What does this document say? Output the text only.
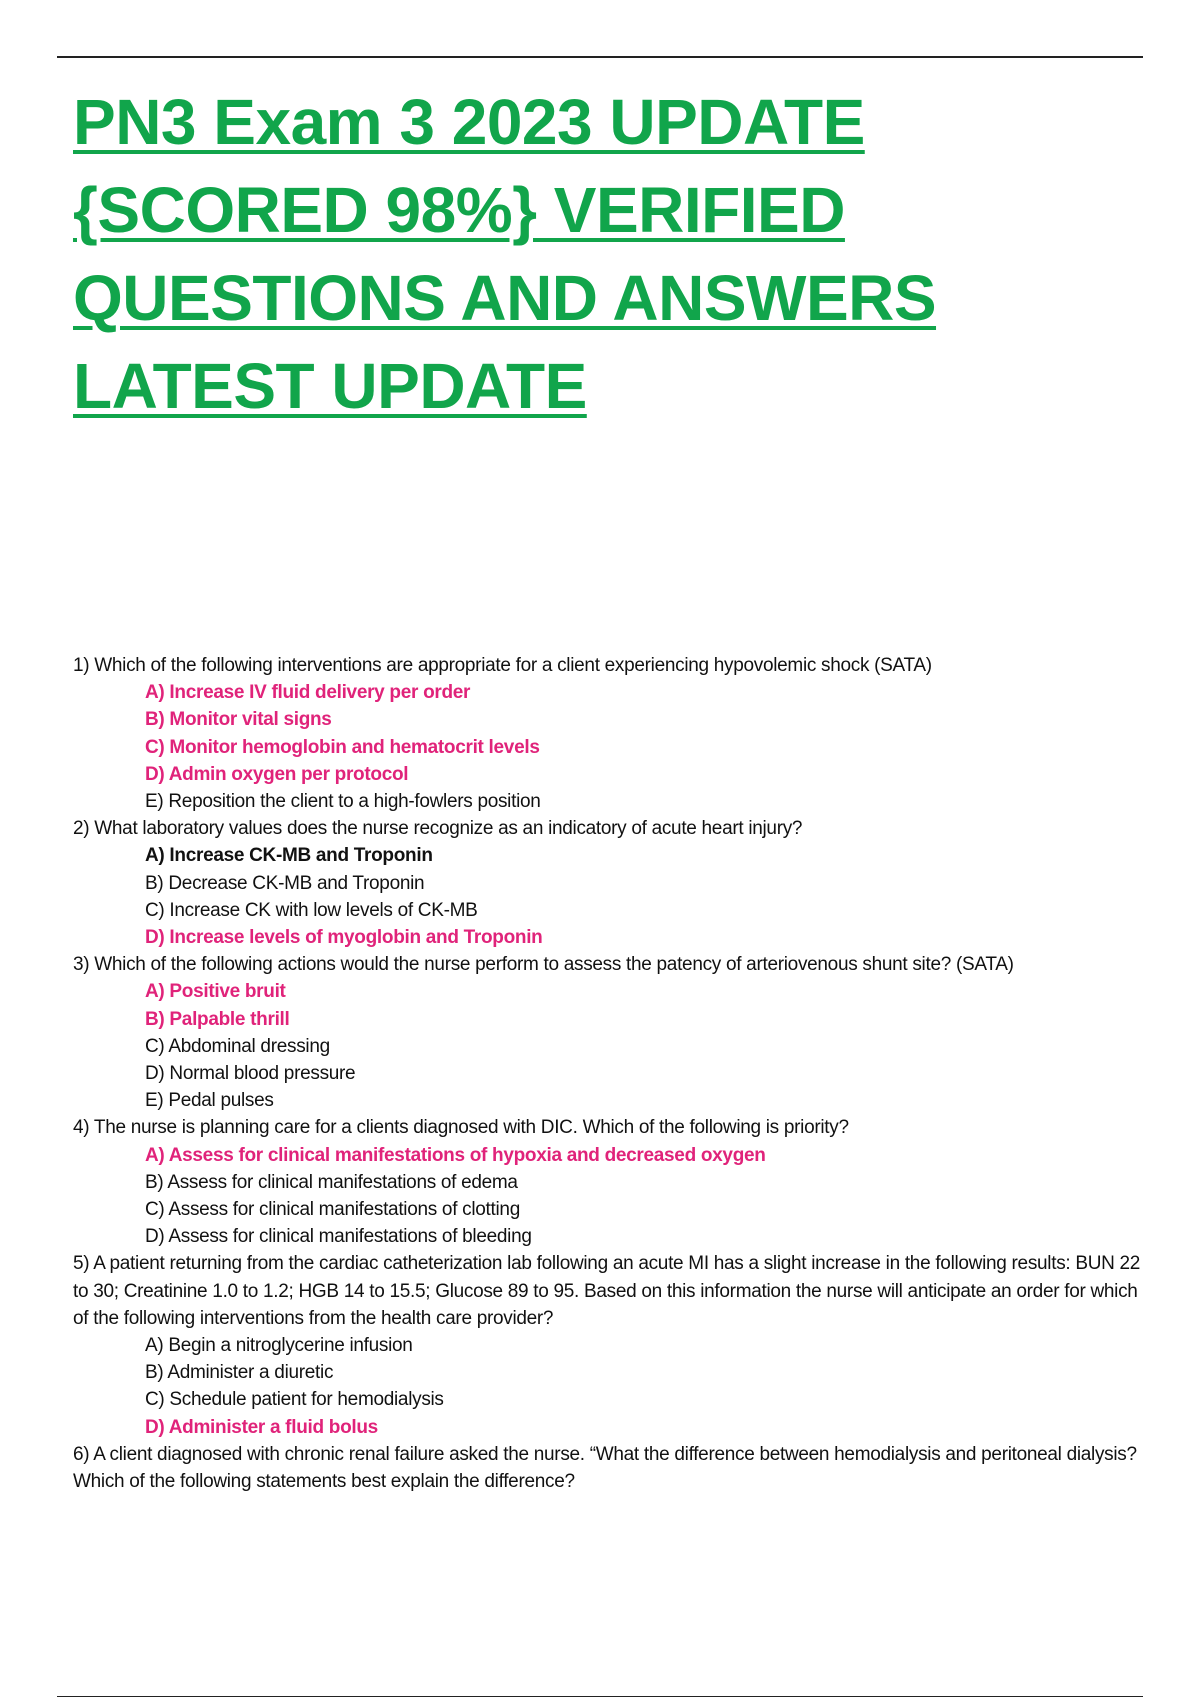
PN3 Exam 3 2023 UPDATE {SCORED 98%} VERIFIED QUESTIONS AND ANSWERS LATEST UPDATE

1) Which of the following interventions are appropriate for a client experiencing hypovolemic shock (SATA)

A) Increase IV fluid delivery per order
B) Monitor vital signs
C) Monitor hemoglobin and hematocrit levels
D) Admin oxygen per protocol
E) Reposition the client to a high-fowlers position

2) What laboratory values does the nurse recognize as an indicatory of acute heart injury?

A) Increase CK-MB and Troponin
B) Decrease CK-MB and Troponin
C) Increase CK with low levels of CK-MB
D) Increase levels of myoglobin and Troponin

3) Which of the following actions would the nurse perform to assess the patency of arteriovenous shunt site? (SATA)

A) Positive bruit
B) Palpable thrill
C) Abdominal dressing
D) Normal blood pressure
E) Pedal pulses

4) The nurse is planning care for a clients diagnosed with DIC. Which of the following is priority?

A) Assess for clinical manifestations of hypoxia and decreased oxygen
B) Assess for clinical manifestations of edema
C) Assess for clinical manifestations of clotting
D) Assess for clinical manifestations of bleeding

5) A patient returning from the cardiac catheterization lab following an acute MI has a slight increase in the following results: BUN 22 to 30; Creatinine 1.0 to 1.2; HGB 14 to 15.5; Glucose 89 to 95. Based on this information the nurse will anticipate an order for which of the following interventions from the health care provider?

A) Begin a nitroglycerine infusion
B) Administer a diuretic
C) Schedule patient for hemodialysis
D) Administer a fluid bolus

6) A client diagnosed with chronic renal failure asked the nurse. “What the difference between hemodialysis and peritoneal dialysis? Which of the following statements best explain the difference?
